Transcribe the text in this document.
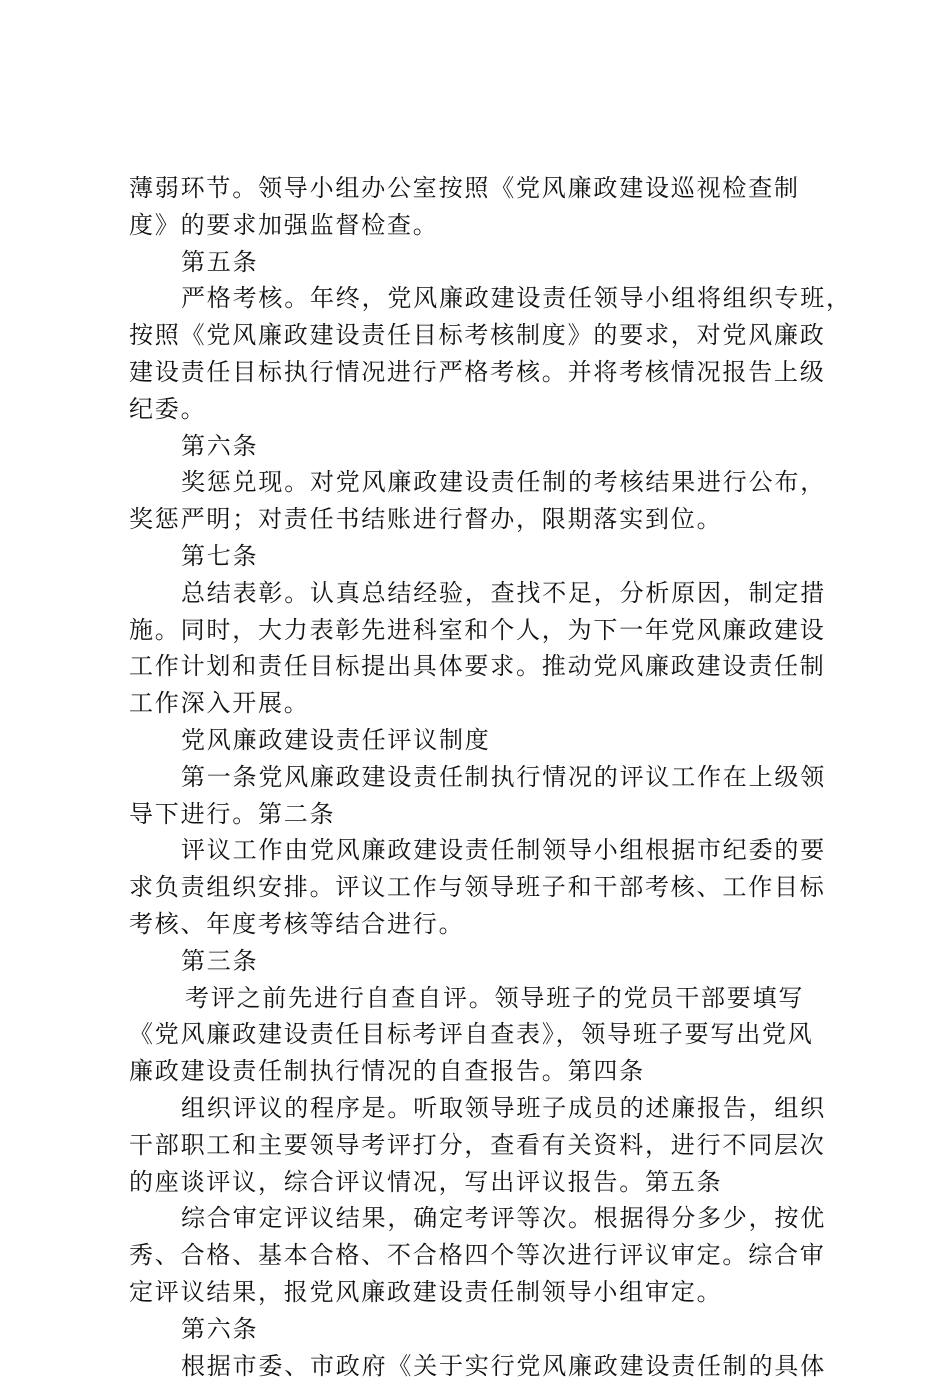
薄弱环节。领导小组办公室按照《党风廉政建设巡视检查制
度》的要求加强监督检查。
第五条
严格考核。年终，党风廉政建设责任领导小组将组织专班，
按照《党风廉政建设责任目标考核制度》的要求，对党风廉政
建设责任目标执行情况进行严格考核。并将考核情况报告上级
纪委。
第六条
奖惩兑现。对党风廉政建设责任制的考核结果进行公布，
奖惩严明；对责任书结账进行督办，限期落实到位。
第七条
总结表彰。认真总结经验，查找不足，分析原因，制定措
施。同时，大力表彰先进科室和个人，为下一年党风廉政建设
工作计划和责任目标提出具体要求。推动党风廉政建设责任制
工作深入开展。
党风廉政建设责任评议制度
第一条党风廉政建设责任制执行情况的评议工作在上级领
导下进行。第二条
评议工作由党风廉政建设责任制领导小组根据市纪委的要
求负责组织安排。评议工作与领导班子和干部考核、工作目标
考核、年度考核等结合进行。
第三条
考评之前先进行自查自评。领导班子的党员干部要填写
《党风廉政建设责任目标考评自查表》，领导班子要写出党风
廉政建设责任制执行情况的自查报告。第四条
组织评议的程序是。听取领导班子成员的述廉报告，组织
干部职工和主要领导考评打分，查看有关资料，进行不同层次
的座谈评议，综合评议情况，写出评议报告。第五条
综合审定评议结果，确定考评等次。根据得分多少，按优
秀、合格、基本合格、不合格四个等次进行评议审定。综合审
定评议结果，报党风廉政建设责任制领导小组审定。
第六条
根据市委、市政府《关于实行党风廉政建设责任制的具体
